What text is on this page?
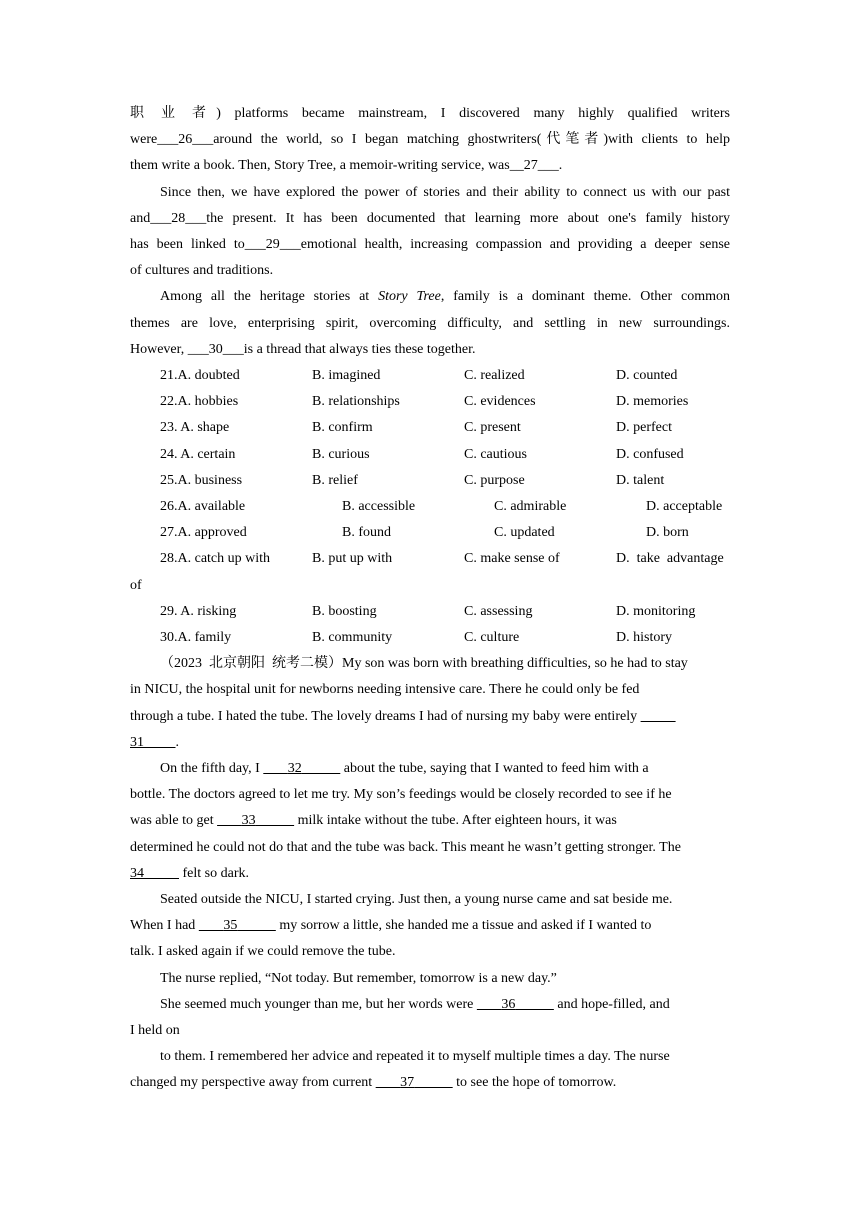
职  业  者 )  platforms  became  mainstream,  I  discovered  many  highly  qualified  writers

were___26___around the world, so I began matching ghostwriters(代笔者)with clients to help

them write a book. Then, Story Tree, a memoir-writing service, was__27___.

Since then, we have explored the power of stories and their ability to connect us with our past

and___28___the present. It has been documented that learning more about one's family history

has been linked to___29___emotional health, increasing compassion and providing a deeper sense

of cultures and traditions.

Among all the heritage stories at Story Tree, family is a dominant theme. Other common

themes are love, enterprising spirit, overcoming difficulty, and settling in new surroundings.

However, ___30___is a thread that always ties these together.

21.A. doubted	B. imagined	C. realized	D. counted
22.A. hobbies	B. relationships	C. evidences	D. memories
23. A. shape	B. confirm	C. present	D. perfect
24. A. certain	B. curious	C. cautious	D. confused
25.A. business	B. relief	C. purpose	D. talent
26.A. available	B. accessible	C. admirable	D. acceptable
27.A. approved	B. found	C. updated	D. born
28.A. catch up with	B. put up with	C. make sense of	D.  take  advantage
of
29. A. risking	B. boosting	C. assessing	D. monitoring
30.A. family	B. community	C. culture	D. history

（2023  北京朝阳  统考二模）My son was born with breathing difficulties, so he had to stay

in NICU, the hospital unit for newborns needing intensive care. There he could only be fed

through a tube. I hated the tube. The lovely dreams I had of nursing my baby were entirely

31 .

On the fifth day, I        32	about the tube, saying that I wanted to feed him with a

bottle. The doctors agreed to let me try. My son’s feedings would be closely recorded to see if he

was able to get        33	milk intake without the tube. After eighteen hours, it was

determined he could not do that and the tube was back. This meant he wasn’t getting stronger. The

34	felt so dark.

Seated outside the NICU, I started crying. Just then, a young nurse came and sat beside me.

When I had        35	my sorrow a little, she handed me a tissue and asked if I wanted to

talk. I asked again if we could remove the tube.

The nurse replied, “Not today. But remember, tomorrow is a new day.”

She seemed much younger than me, but her words were        36	and hope-filled, and

I held on

to them. I remembered her advice and repeated it to myself multiple times a day. The nurse

changed my perspective away from current        37	to see the hope of tomorrow.
